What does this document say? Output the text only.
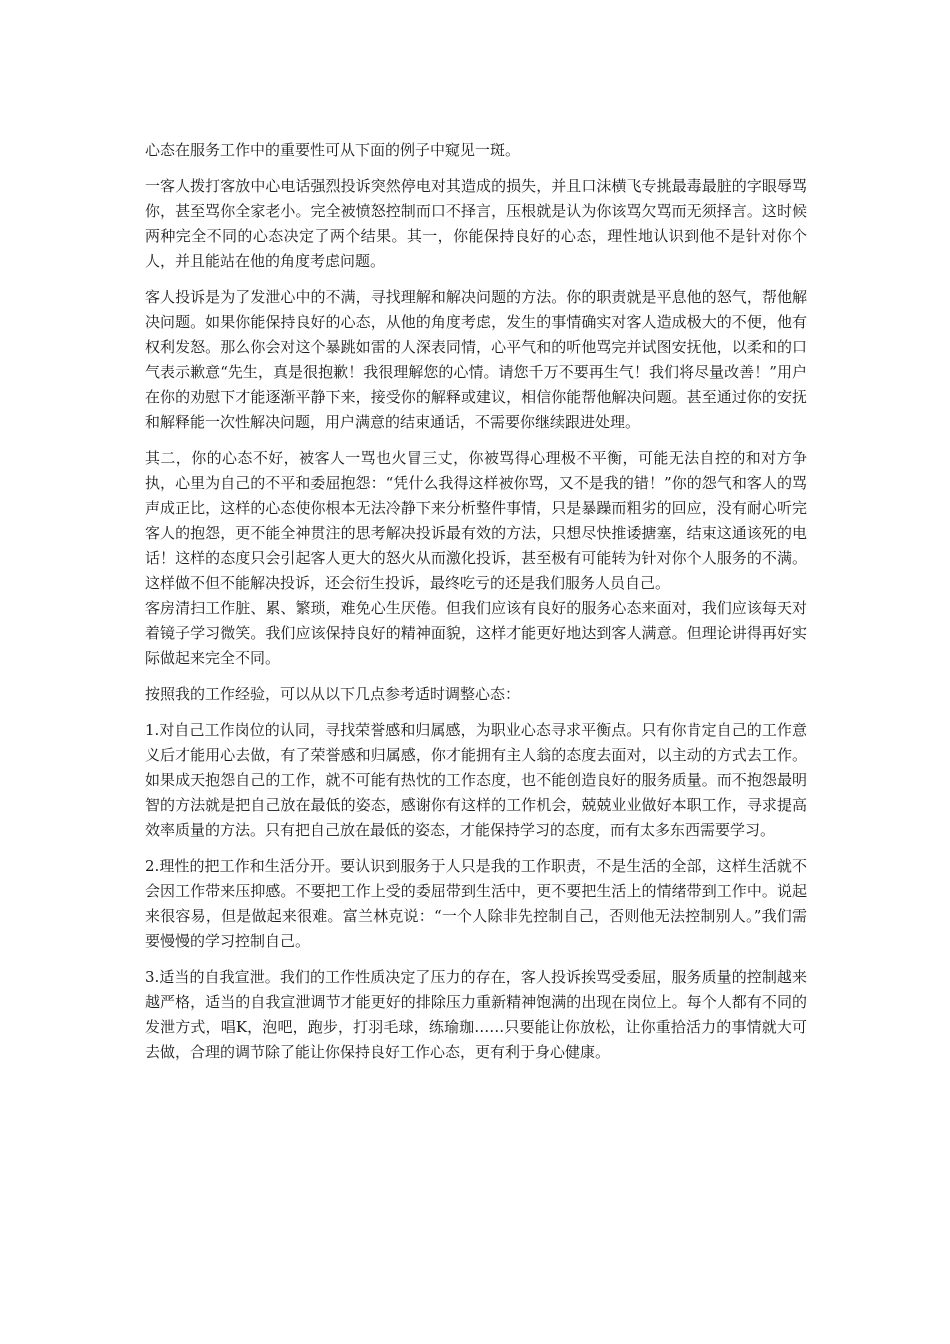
心态在服务工作中的重要性可从下面的例子中窥见一斑。

一客人拨打客放中心电话强烈投诉突然停电对其造成的损失，并且口沫横飞专挑最毒最脏的字眼辱骂你，甚至骂你全家老小。完全被愤怒控制而口不择言，压根就是认为你该骂欠骂而无须择言。这时候两种完全不同的心态决定了两个结果。其一，你能保持良好的心态，理性地认识到他不是针对你个人，并且能站在他的角度考虑问题。

客人投诉是为了发泄心中的不满，寻找理解和解决问题的方法。你的职责就是平息他的怒气，帮他解决问题。如果你能保持良好的心态，从他的角度考虑，发生的事情确实对客人造成极大的不便，他有权利发怒。那么你会对这个暴跳如雷的人深表同情，心平气和的听他骂完并试图安抚他，以柔和的口气表示歉意“先生，真是很抱歉！我很理解您的心情。请您千万不要再生气！我们将尽量改善！”用户在你的劝慰下才能逐渐平静下来，接受你的解释或建议，相信你能帮他解决问题。甚至通过你的安抚和解释能一次性解决问题，用户满意的结束通话，不需要你继续跟进处理。

其二，你的心态不好，被客人一骂也火冒三丈，你被骂得心理极不平衡，可能无法自控的和对方争执，心里为自己的不平和委屈抱怨：“凭什么我得这样被你骂，又不是我的错！”你的怨气和客人的骂声成正比，这样的心态使你根本无法冷静下来分析整件事情，只是暴躁而粗劣的回应，没有耐心听完客人的抱怨，更不能全神贯注的思考解决投诉最有效的方法，只想尽快推诿搪塞，结束这通该死的电话！这样的态度只会引起客人更大的怒火从而激化投诉，甚至极有可能转为针对你个人服务的不满。这样做不但不能解决投诉，还会衍生投诉，最终吃亏的还是我们服务人员自己。

客房清扫工作脏、累、繁琐，难免心生厌倦。但我们应该有良好的服务心态来面对，我们应该每天对着镜子学习微笑。我们应该保持良好的精神面貌，这样才能更好地达到客人满意。但理论讲得再好实际做起来完全不同。

按照我的工作经验，可以从以下几点参考适时调整心态：

1.对自己工作岗位的认同，寻找荣誉感和归属感，为职业心态寻求平衡点。只有你肯定自己的工作意义后才能用心去做，有了荣誉感和归属感，你才能拥有主人翁的态度去面对，以主动的方式去工作。如果成天抱怨自己的工作，就不可能有热忱的工作态度，也不能创造良好的服务质量。而不抱怨最明智的方法就是把自己放在最低的姿态，感谢你有这样的工作机会，兢兢业业做好本职工作，寻求提高效率质量的方法。只有把自己放在最低的姿态，才能保持学习的态度，而有太多东西需要学习。

2.理性的把工作和生活分开。要认识到服务于人只是我的工作职责，不是生活的全部，这样生活就不会因工作带来压抑感。不要把工作上受的委屈带到生活中，更不要把生活上的情绪带到工作中。说起来很容易，但是做起来很难。富兰林克说：“一个人除非先控制自己，否则他无法控制别人。”我们需要慢慢的学习控制自己。

3.适当的自我宣泄。我们的工作性质决定了压力的存在，客人投诉挨骂受委屈，服务质量的控制越来越严格，适当的自我宣泄调节才能更好的排除压力重新精神饱满的出现在岗位上。每个人都有不同的发泄方式，唱K，泡吧，跑步，打羽毛球，练瑜珈……只要能让你放松，让你重拾活力的事情就大可去做，合理的调节除了能让你保持良好工作心态，更有利于身心健康。
